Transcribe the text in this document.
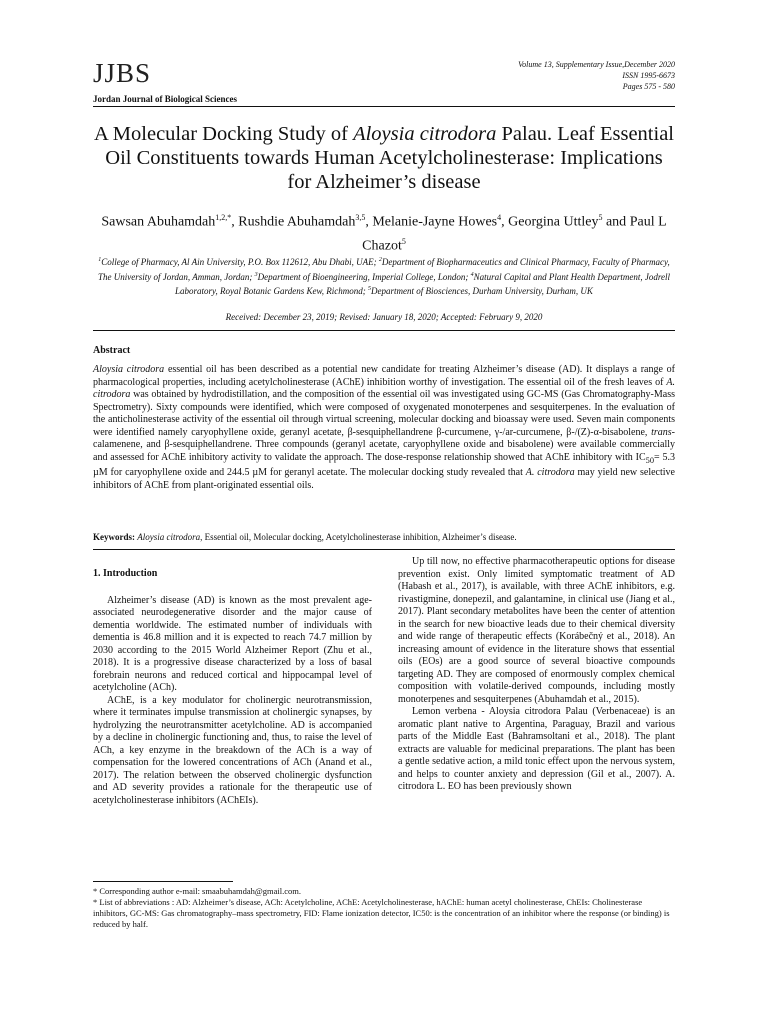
JJBS	Volume 13, Supplementary Issue,December 2020
ISSN 1995-6673
Pages 575 - 580
Jordan Journal of Biological Sciences
A Molecular Docking Study of Aloysia citrodora Palau. Leaf Essential Oil Constituents towards Human Acetylcholinesterase: Implications for Alzheimer’s disease
Sawsan Abuhamdah$^{1,2,*}$, Rushdie Abuhamdah$^{3,5}$, Melanie-Jayne Howes$^4$, Georgina Uttley$^5$ and Paul L Chazot$^5$
$^1$College of Pharmacy, Al Ain University, P.O. Box 112612, Abu Dhabi, UAE; $^2$Department of Biopharmaceutics and Clinical Pharmacy, Faculty of Pharmacy, The University of Jordan, Amman, Jordan; $^3$Department of Bioengineering, Imperial College, London; $^4$Natural Capital and Plant Health Department, Jodrell Laboratory, Royal Botanic Gardens Kew, Richmond; $^5$Department of Biosciences, Durham University, Durham, UK
Received: December 23, 2019; Revised: January 18, 2020; Accepted: February 9, 2020
Abstract
Aloysia citrodora essential oil has been described as a potential new candidate for treating Alzheimer’s disease (AD). It displays a range of pharmacological properties, including acetylcholinesterase (AChE) inhibition worthy of investigation. The essential oil of the fresh leaves of A. citrodora was obtained by hydrodistillation, and the composition of the essential oil was investigated using GC-MS (Gas Chromatography-Mass Spectrometry). Sixty compounds were identified, which were composed of oxygenated monoterpenes and sesquiterpenes. In the evaluation of the anticholinesterase activity of the essential oil through virtual screening, molecular docking and bioassay were used. Seven main components were identified namely caryophyllene oxide, geranyl acetate, β-sesquiphellandrene β-curcumene, γ-/ar-curcumene, β-/(Z)-α-bisabolene, trans-calamenene, and β-sesquiphellandrene. Three compounds (geranyl acetate, caryophyllene oxide and bisabolene) were available commercially and assessed for AChE inhibitory activity to validate the approach. The dose-response relationship showed that AChE inhibitory with $IC_{50}= 5.3$ µM for caryophyllene oxide and 244.5 µM for geranyl acetate. The molecular docking study revealed that A. citrodora may yield new selective inhibitors of AChE from plant-originated essential oils.
Keywords: Aloysia citrodora, Essential oil, Molecular docking, Acetylcholinesterase inhibition, Alzheimer’s disease.
1. Introduction

Alzheimer’s disease (AD) is known as the most prevalent age-associated neurodegenerative disorder and the major cause of dementia worldwide. The estimated number of individuals with dementia is 46.8 million and it is expected to reach 74.7 million by 2030 according to the 2015 World Alzheimer Report (Zhu et al., 2018). It is a progressive disease characterized by a loss of basal forebrain neurons and reduced cortical and hippocampal level of acetylcholine (ACh).

AChE, is a key modulator for cholinergic neurotransmission, where it terminates impulse transmission at cholinergic synapses, by hydrolyzing the neurotransmitter acetylcholine. AD is accompanied by a decline in cholinergic functioning and, thus, to raise the level of ACh, a key enzyme in the breakdown of the ACh is a way of compensation for the lowered concentrations of ACh (Anand et al., 2017). The relation between the observed cholinergic dysfunction and AD severity provides a rationale for the therapeutic use of acetylcholinesterase inhibitors (AChEIs).

Up till now, no effective pharmacotherapeutic options for disease prevention exist. Only limited symptomatic treatment of AD (Habash et al., 2017), is available, with three AChE inhibitors, e.g. rivastigmine, donepezil, and galantamine, in clinical use (Jiang et al., 2017). Plant secondary metabolites have been the center of attention in the search for new bioactive leads due to their chemical diversity and wide range of therapeutic effects (Korábečný et al., 2018). An increasing amount of evidence in the literature shows that essential oils (EOs) are a good source of several bioactive compounds targeting AD. They are composed of enormously complex chemical composition with volatile-derived compounds, including mostly monoterpenes and sesquiterpenes (Abuhamdah et al., 2015).

Lemon verbena - Aloysia citrodora Palau (Verbenaceae) is an aromatic plant native to Argentina, Paraguay, Brazil and various parts of the Middle East (Bahramsoltani et al., 2018). The plant extracts are valuable for medicinal preparations. The plant has been a gentle sedative action, a mild tonic effect upon the nervous system, and helps to counter anxiety and depression (Gil et al., 2007). A. citrodora L. EO has been previously shown

* Corresponding author e-mail: smaabuhamdah@gmail.com.
* List of abbreviations : AD: Alzheimer’s disease, ACh: Acetylcholine, AChE: Acetylcholinesterase, hAChE: human acetyl cholinesterase, ChEIs: Cholinesterase inhibitors, GC-MS: Gas chromatography–mass spectrometry, FID: Flame ionization detector, IC50: is the concentration of an inhibitor where the response (or binding) is reduced by half.
